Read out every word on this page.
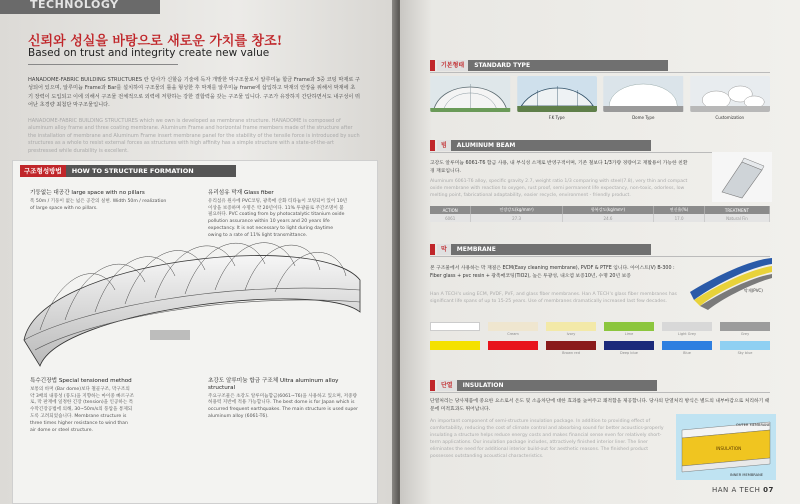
TECHNOLOGY
신뢰와 성실을 바탕으로 새로운 가치를 창조!
Based on trust and integrity create new value
HANADOME-FABRIC BUILDING STRUCTURES 란 당사가 신할음 기술에 독자 개발한 막구조물로서 알루미늄 합금 Frame과 3중 코팅 막재로 구성되어 있으며, 알루미늄 Frame과 Bar를 설치하여 구조물의 틀을 형성한 후 막재를 알루미늄 frame에 삽입하고 막재의 안장을 위해서 막재에 초기 장력이 도입되고 이에 의해서 구조물 전체적으로 외력에 저항하는 강한 결합력을 갖는 구조물 입니다. 구조가 유장하지 간단하면서도 내구성이 뛰어난 초경량 최첨단 막구조물입니다.
HANADOME-FABRIC BUILDING STRUCTURES which we own is developed as membrane structure. HANADOME is composed of aluminum alloy frame and three coating membrane. Aluminum Frame and horizontal frame members made of the structure after the installation of membrane and Aluminum Frame insert membrane panel for the stability of the tensile force is introduced by such structures as a whole to resist external forces as structures with high affinity has a simple structure with a state-of-the-art prestressed while durability is excellent.
구조형성방법	HOW TO STRUCTURE FORMATION
기둥없는 대공간 large space with no pillars
폭 50m / 기둥이 없는 넓은 공간의 실현. Width 50m / realization of large space with no pillars.
유리섬유 막재 Glass fiber
유리섬유 원사에 PVC코팅, 광촉매 산화 티타늄이 코팅되어 있어 10년이상을 보증하며 수명은 약 20년이다. 11% 투광율로 주간조명이 불필요하다. PVC coating from by photocatalytic titanium oxide pollution assurance within 10 years and 20 years life expectancy. It is not necessary to light during daytime owing to a rate of 11% light transmittance.
특수긴장법 Special tensioned method
보통의 바머 (Bar dome)보다 철골구조, 막구조의 약 3배의 내풍성 (풍도)을 지향하는 마이중 빠르구조로, 막 판재에 일정한 긴장 (tension)을 인공하는 특수막긴장공법에 의해, 30~50m/s의 풍압을 통제되도록 고려되었습니다. Membrane structure is three times higher resistance to wind than air dome or steel structure.
초강도 알루미늄 합금 구조체 Ultra aluminum alloy structural
주요구조물은 초강도 알루미늄합금(6061~T6)을 사용하고 있으며, 저중량 허용력 지반에 적용 가능합니다. The best dome is for Japan which is occurred frequent earthquakes. The main structure is used super aluminum alloy (6061-T6).
기본형태	STANDARD TYPE
F.K Type	Dome Type	Customization
빔	ALUMINUM BEAM
고강도 알루미늄 6061-T6 합금 사용, 내 부식성 소재로 반영구적이며, 기존 철보다 1/3가량 경량이고 재활용이 가능한 친환경 재료입니다.
Aluminum 6061-T6 alloy, specific gravity 2.7, weight ratio 1/3 comparing with steel(7.8), very thin and compact oxide membrane with reaction to oxygen, rust proof, semi permanent life expectancy, non-toxic, odorless, low melting point, fabricational adaptability, easier recycle, environment - friendly product.
ACTION	인장강도(kg/mm²)	항복강도(kg/mm²)	연신율(%)	TREATMENT
6061	27.3	24.6	17.0	Natural Fin
막	MEMBRANE
본 구조물에서 사용하는 막 재질은 ECM(Easy cleaning membrane), PVDF & PTFE 입니다. 아이스트(V) B-300 : Fiber glass + pvc resin + 광촉매코팅(TiO2), 높은 투광성, 내오염 보증10년, 수명 20년 보증
Han A TECH's using ECM, PVDF, PVF, and glass fiber membranes. Han A TECH's glass fiber membranes has significant life spans of up to 15-25 years. Use of membranes dramatically increased last few decades.
막재(PVC)
Cream	Ivory	Lime	Light Grey	Grey
Brown red	Deep blue	Blue	Sky blue
단열	INSULATION
단열처리는 당사제품에 중요한 요소로서 온도 및 소음차단에 대한 효과를 높여주고 쾌적함을 제공합니다. 당사의 단열처리 방식은 별도의 내부마감으로 처리하기 때문에 미적효과도 뛰어납니다.
An important component of semi-structure insulation package. In addition to providing effect of comfortability, reducing the cost of climate control and absorbing sound for better acoustics-properly insulating a structure helps reduce energy costs and makes financial sense even for relatively short-term applications. Our insulation package includes, attractively finished interior liner. The liner eliminates the need for additional interior build-out for aesthetic reasons. The finished product possesses outstanding acoustical characteristics.
OUTER MEMBRANE
INSULATION
INNER MEMBRANE
HAN A TECH 07
